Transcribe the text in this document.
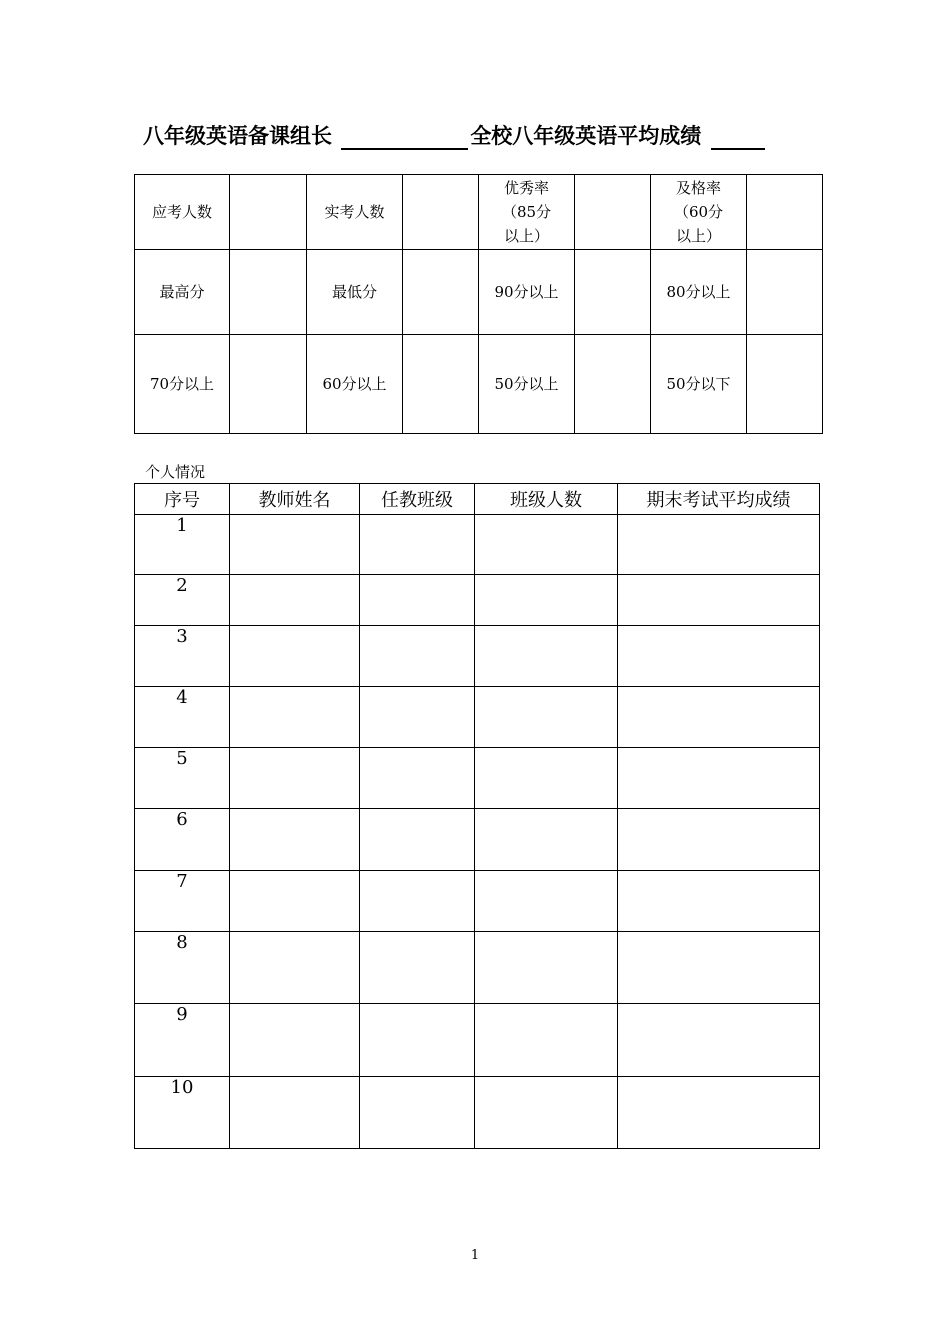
八年级英语备课组长	全校八年级英语平均成绩
应考人数		实考人数		优秀率（85分以上）		及格率（60分以上）	
最高分		最低分		90分以上		80分以上	
70分以上		60分以上		50分以上		50分以下	
个人情况
序号	教师姓名	任教班级	班级人数	期末考试平均成绩
1				
2				
3				
4				
5				
6				
7				
8				
9				
10				
1
